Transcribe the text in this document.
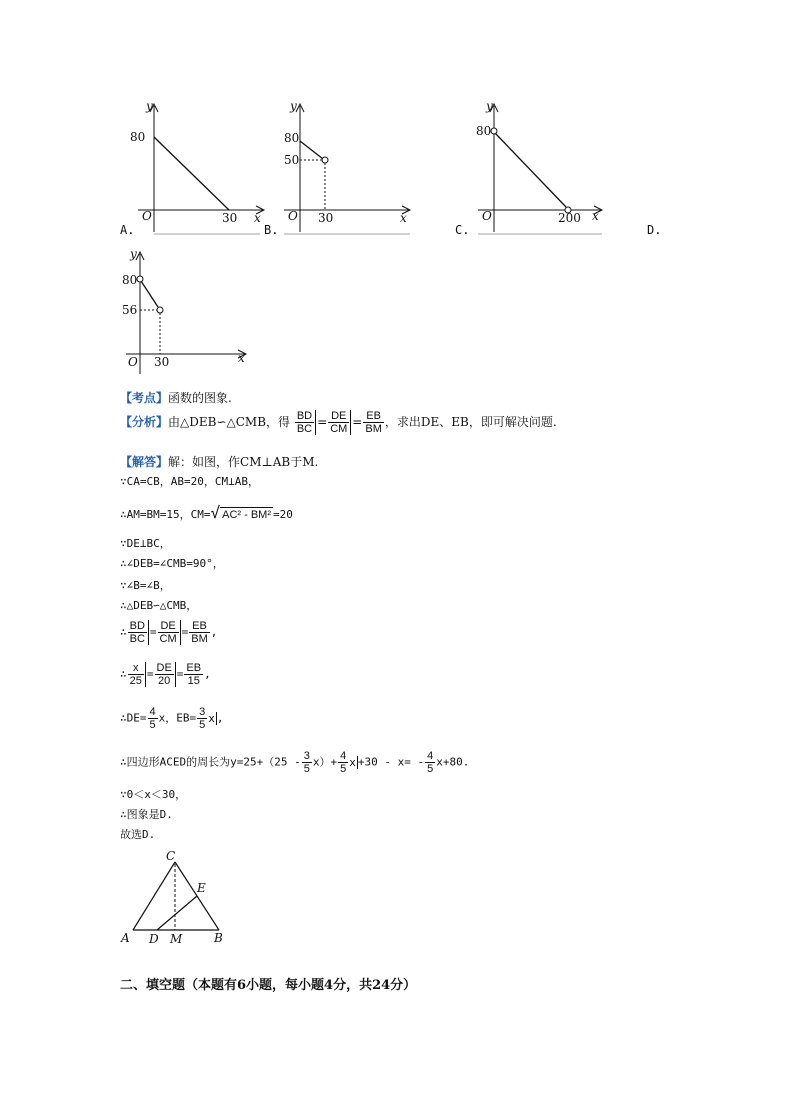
y
80
O	30 x
A.
y
80
50
O 30	x
B.
y
80
O	200 x
C.	D.
y
80
56
O 30	x
【考点】函数的图象.
【分析】由△DEB∽△CMB，得 $\frac{BD}{BC} = \frac{DE}{CM} = \frac{EB}{BM}$ ，求出DE、EB，即可解决问题.
【解答】解：如图，作CM⊥AB于M.
∵CA=CB，AB=20，CM⊥AB，
∴AM=BM=15，CM=√ AC² - BM² =20
∵DE⊥BC，
∴∠DEB=∠CMB=90°，
∵∠B=∠B，
∴△DEB∽△CMB，
∴ $\frac{BD}{BC} = \frac{DE}{CM} = \frac{EB}{BM}$ ,
∴ $\frac{x}{25} = \frac{DE}{20} = \frac{EB}{15}$ ,
∴DE= $\frac{4}{5}$ x，$EB= \frac{3}{5}$ x ,
∴四边形ACED的周长为$y=25+(25 - \frac{3}{5} x)+ \frac{4}{5}$ $x +30 - x= - \frac{4}{5} x+80$.
∵0＜x＜30，
∴图象是D.
故选D.
C
E
A D M	B
二、填空题（本题有6小题，每小题4分，共24分）
